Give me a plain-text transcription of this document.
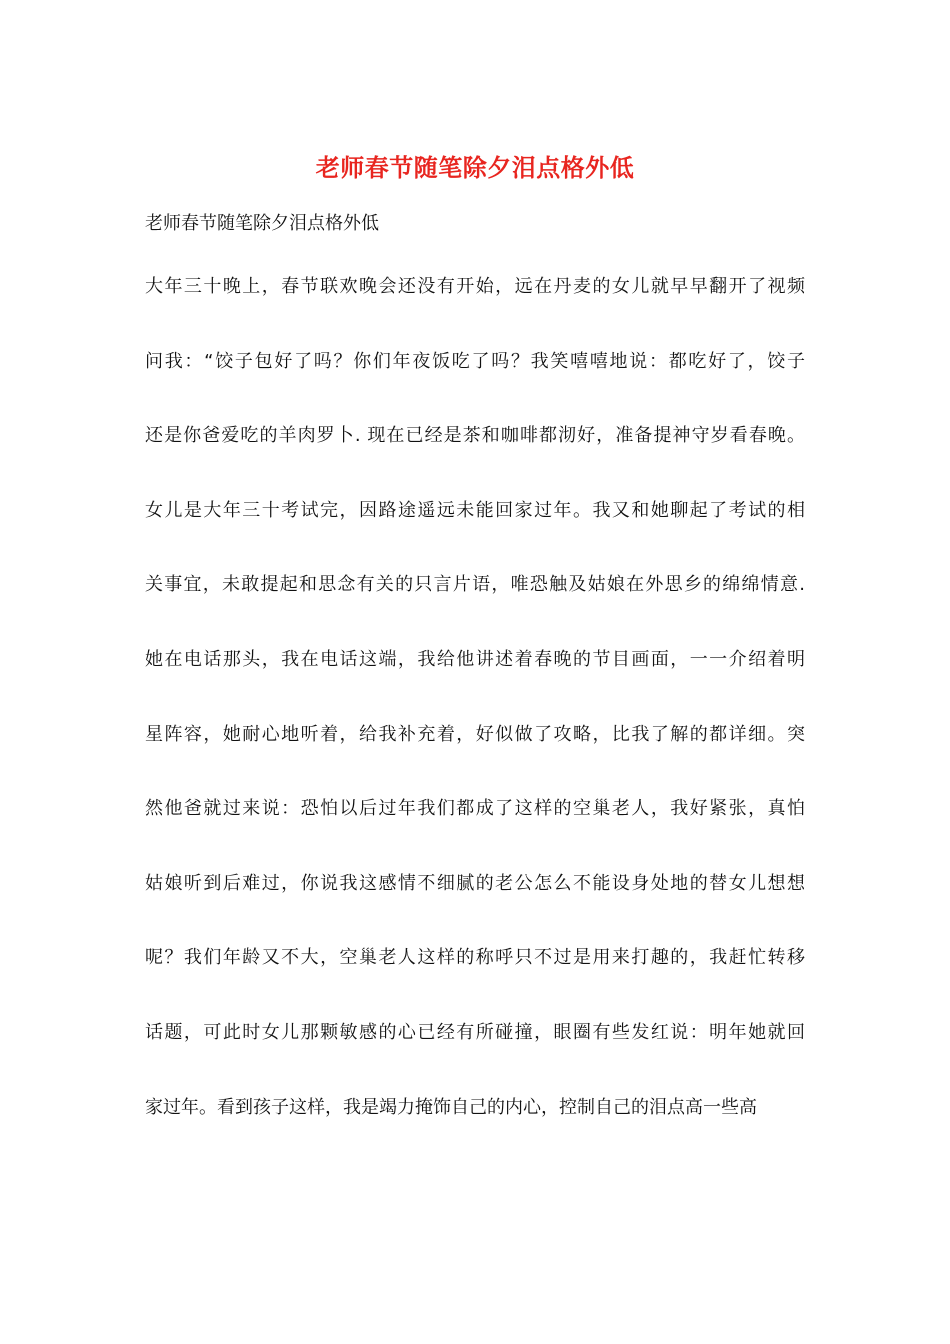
老师春节随笔除夕泪点格外低
老师春节随笔除夕泪点格外低
大年三十晚上，春节联欢晚会还没有开始，远在丹麦的女儿就早早翻开了视频
问我：“饺子包好了吗？你们年夜饭吃了吗？我笑嘻嘻地说：都吃好了，饺子
还是你爸爱吃的羊肉罗卜. 现在已经是茶和咖啡都沏好，准备提神守岁看春晚。
女儿是大年三十考试完，因路途遥远未能回家过年。我又和她聊起了考试的相
关事宜，未敢提起和思念有关的只言片语，唯恐触及姑娘在外思乡的绵绵情意.
她在电话那头，我在电话这端，我给他讲述着春晚的节目画面，一一介绍着明
星阵容，她耐心地听着，给我补充着，好似做了攻略，比我了解的都详细。突
然他爸就过来说：恐怕以后过年我们都成了这样的空巢老人，我好紧张，真怕
姑娘听到后难过，你说我这感情不细腻的老公怎么不能设身处地的替女儿想想
呢？我们年龄又不大，空巢老人这样的称呼只不过是用来打趣的，我赶忙转移
话题，可此时女儿那颗敏感的心已经有所碰撞，眼圈有些发红说：明年她就回
家过年。看到孩子这样，我是竭力掩饰自己的内心，控制自己的泪点高一些高
